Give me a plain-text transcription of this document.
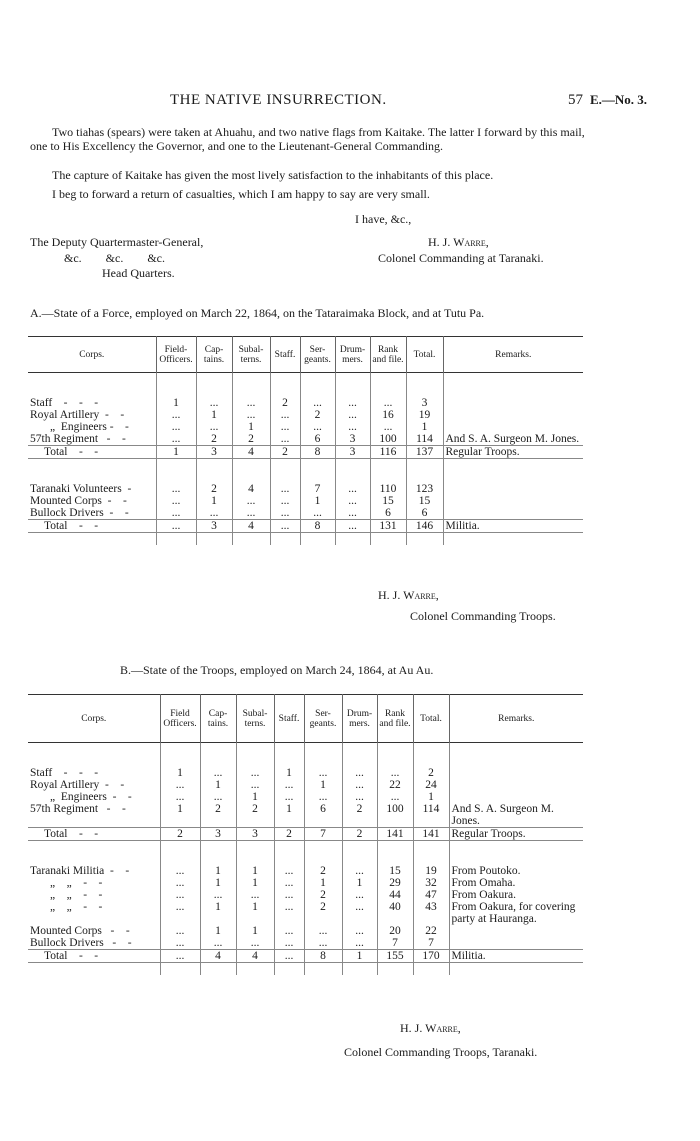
THE NATIVE INSURRECTION.	57 E.—No. 3.
Two tiahas (spears) were taken at Ahuahu, and two native flags from Kaitake. The latter I forward by this mail, one to His Excellency the Governor, and one to the Lieutenant-General Commanding.
The capture of Kaitake has given the most lively satisfaction to the inhabitants of this place.
I beg to forward a return of casualties, which I am happy to say are very small.
I have, &c.,
The Deputy Quartermaster-General,
&c.        &c.        &c.
Head Quarters.
H. J. Warre,
Colonel Commanding at Taranaki.
A.—State of a Force, employed on March 22, 1864, on the Tataraimaka Block, and at Tutu Pa.
Corps.	Field-Officers.	Cap-tains.	Subal-terns.	Staff.	Ser-geants.	Drum-mers.	Rank and file.	Total.	Remarks.

Staff    -    -    -	1	...	...	2	...	...	...	3	
Royal Artillery  -    -	...	1	...	...	2	...	16	19	
„  Engineers -    -	...	...	1	...	...	...	...	1	
57th Regiment   -    -	...	2	2	...	6	3	100	114	And S. A. Surgeon M. Jones.
Total    -    -	1	3	4	2	8	3	116	137	Regular Troops.

Taranaki Volunteers  -	...	2	4	...	7	...	110	123	
Mounted Corps  -    -	...	1	...	...	1	...	15	15	
Bullock Drivers  -    -	...	...	...	...	...	...	6	6	
Total    -    -	...	3	4	...	8	...	131	146	Militia.

H. J. Warre,
Colonel Commanding Troops.
B.—State of the Troops, employed on March 24, 1864, at Au Au.
Corps.	Field Officers.	Cap-tains.	Subal-terns.	Staff.	Ser-geants.	Drum-mers.	Rank and file.	Total.	Remarks.

Staff    -    -    -	1	...	...	1	...	...	...	2	
Royal Artillery  -    -	...	1	...	...	1	...	22	24	
„  Engineers  -    -	...	...	1	...	...	...	...	1	
57th Regiment   -    -	1	2	2	1	6	2	100	114	And S. A. Surgeon M. Jones.
Total    -    -	2	3	3	2	7	2	141	141	Regular Troops.

Taranaki Militia  -    -	...	1	1	...	2	...	15	19	From Poutoko.
„    „    -    -	...	1	1	...	1	1	29	32	From Omaha.
„    „    -    -	...	...	...	...	2	...	44	47	From Oakura.
„    „    -    -	...	1	1	...	2	...	40	43	From Oakura, for covering party at Hauranga.
Mounted Corps   -    -	...	1	1	...	...	...	20	22	
Bullock Drivers   -    -	...	...	...	...	...	...	7	7	
Total    -    -	...	4	4	...	8	1	155	170	Militia.

H. J. Warre,
Colonel Commanding Troops, Taranaki.
